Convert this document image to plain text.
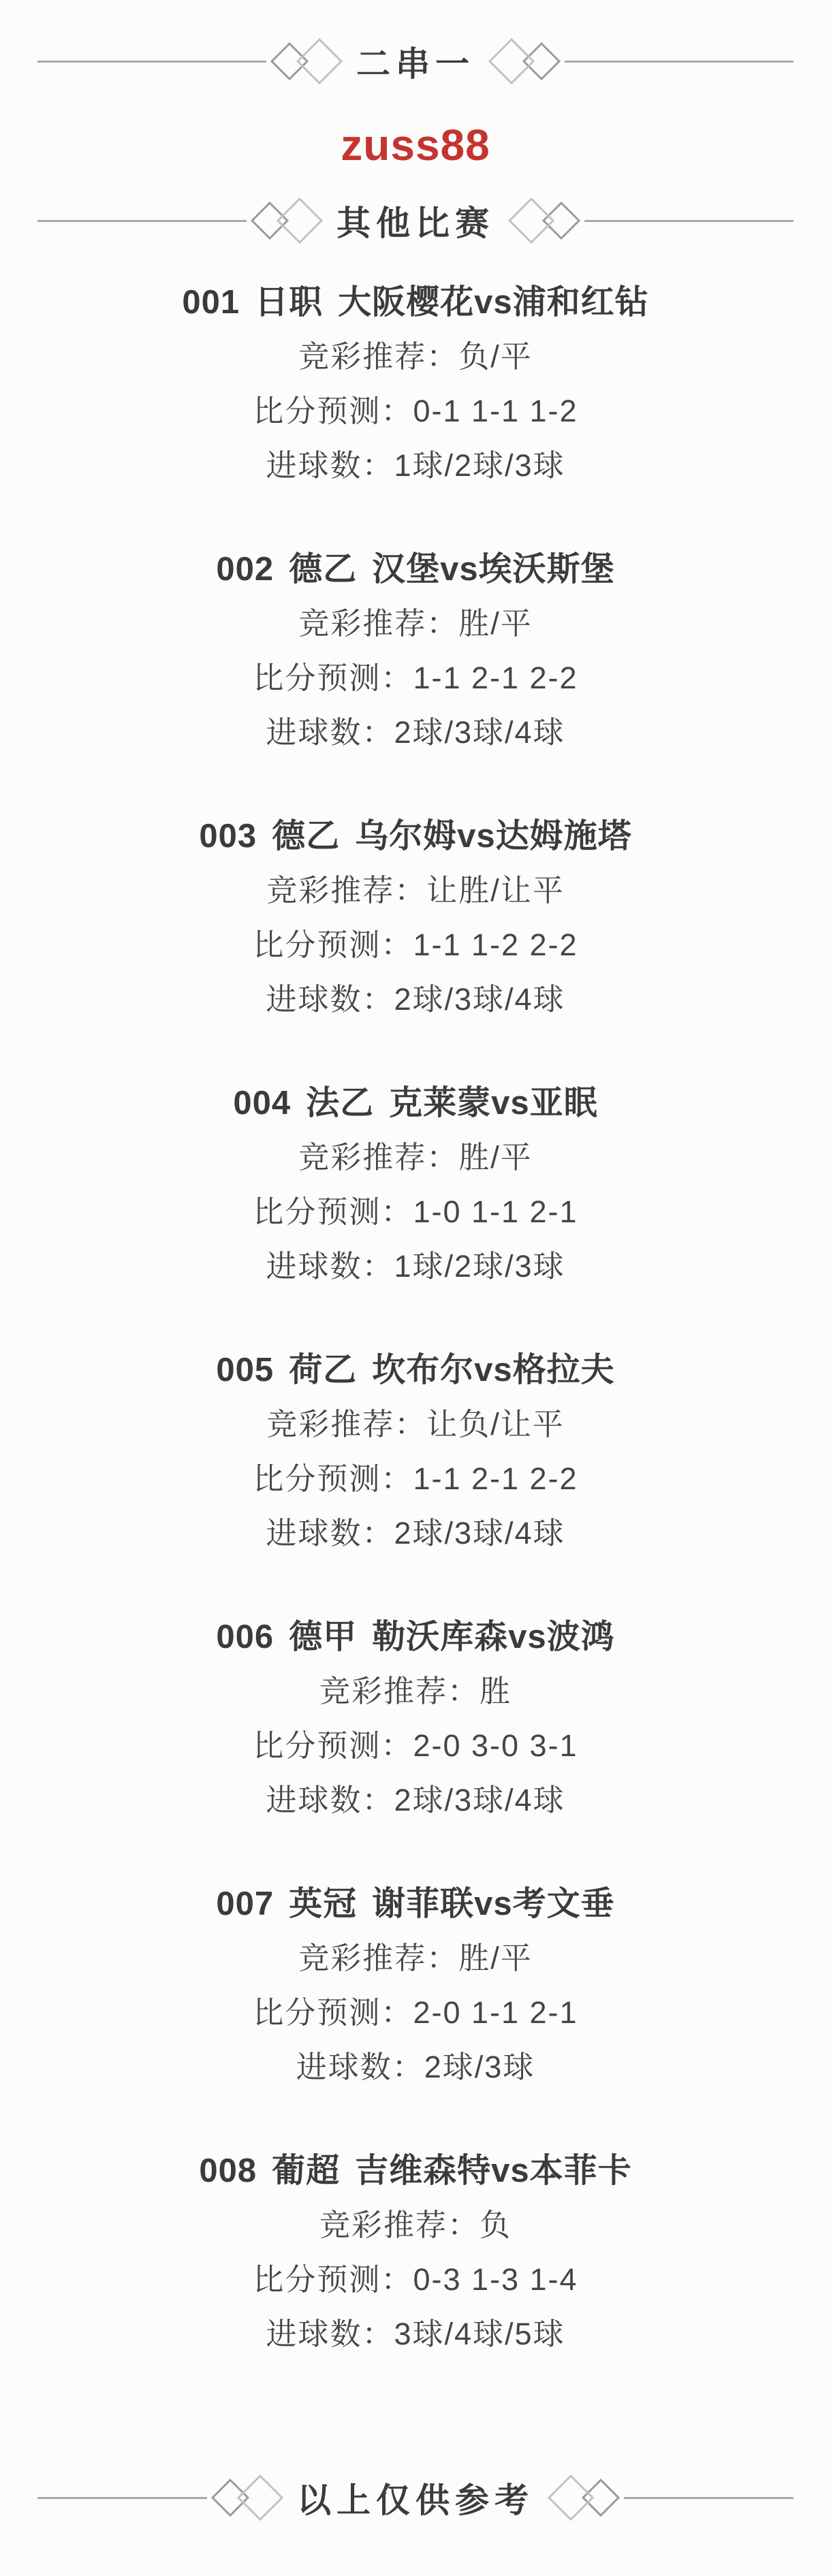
二串一
zuss88
其他比赛
001 日职 大阪樱花vs浦和红钻

竞彩推荐：负/平

比分预测：0-1 1-1 1-2

进球数：1球/2球/3球

002 德乙 汉堡vs埃沃斯堡

竞彩推荐：胜/平

比分预测：1-1 2-1 2-2

进球数：2球/3球/4球

003 德乙 乌尔姆vs达姆施塔

竞彩推荐：让胜/让平

比分预测：1-1 1-2 2-2

进球数：2球/3球/4球

004 法乙 克莱蒙vs亚眠

竞彩推荐：胜/平

比分预测：1-0 1-1 2-1

进球数：1球/2球/3球

005 荷乙 坎布尔vs格拉夫

竞彩推荐：让负/让平

比分预测：1-1 2-1 2-2

进球数：2球/3球/4球

006 德甲 勒沃库森vs波鸿

竞彩推荐：胜

比分预测：2-0 3-0 3-1

进球数：2球/3球/4球

007 英冠 谢菲联vs考文垂

竞彩推荐：胜/平

比分预测：2-0 1-1 2-1

进球数：2球/3球

008 葡超 吉维森特vs本菲卡

竞彩推荐：负

比分预测：0-3 1-3 1-4

进球数：3球/4球/5球

以上仅供参考
